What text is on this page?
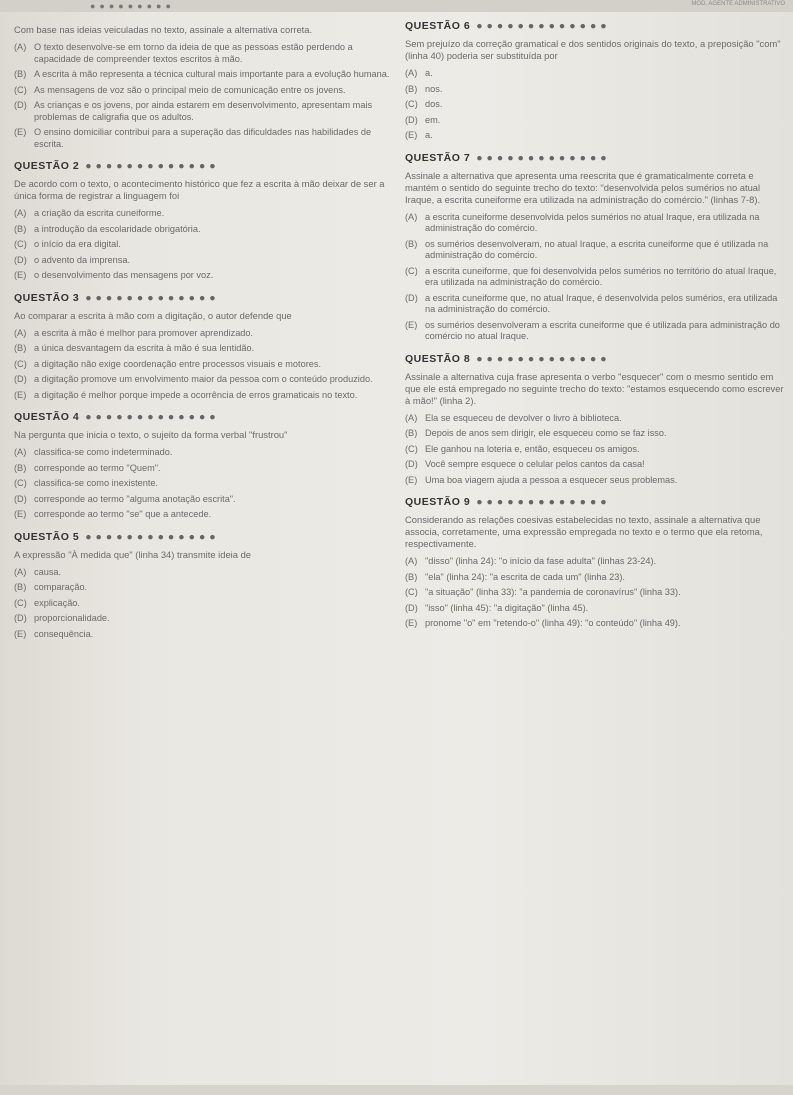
●●●●●●●●●	MÓD. AGENTE ADMINISTRATIVO

Com base nas ideias veiculadas no texto, assinale a alternativa correta.

(A) O texto desenvolve-se em torno da ideia de que as pessoas estão perdendo a capacidade de compreender textos escritos à mão.
(B) A escrita à mão representa a técnica cultural mais importante para a evolução humana.
(C) As mensagens de voz são o principal meio de comunicação entre os jovens.
(D) As crianças e os jovens, por ainda estarem em desenvolvimento, apresentam mais problemas de caligrafia que os adultos.
(E) O ensino domiciliar contribui para a superação das dificuldades nas habilidades de escrita.
QUESTÃO 2 ●●●●●●●●●●●●●

De acordo com o texto, o acontecimento histórico que fez a escrita à mão deixar de ser a única forma de registrar a linguagem foi

(A) a criação da escrita cuneiforme.
(B) a introdução da escolaridade obrigatória.
(C) o início da era digital.
(D) o advento da imprensa.
(E) o desenvolvimento das mensagens por voz.
QUESTÃO 3 ●●●●●●●●●●●●●

Ao comparar a escrita à mão com a digitação, o autor defende que

(A) a escrita à mão é melhor para promover aprendizado.
(B) a única desvantagem da escrita à mão é sua lentidão.
(C) a digitação não exige coordenação entre processos visuais e motores.
(D) a digitação promove um envolvimento maior da pessoa com o conteúdo produzido.
(E) a digitação é melhor porque impede a ocorrência de erros gramaticais no texto.
QUESTÃO 4 ●●●●●●●●●●●●●

Na pergunta que inicia o texto, o sujeito da forma verbal "frustrou"

(A) classifica-se como indeterminado.
(B) corresponde ao termo "Quem".
(C) classifica-se como inexistente.
(D) corresponde ao termo "alguma anotação escrita".
(E) corresponde ao termo "se" que a antecede.
QUESTÃO 5 ●●●●●●●●●●●●●

A expressão "À medida que" (linha 34) transmite ideia de

(A) causa.
(B) comparação.
(C) explicação.
(D) proporcionalidade.
(E) consequência.
QUESTÃO 6 ●●●●●●●●●●●●●

Sem prejuízo da correção gramatical e dos sentidos originais do texto, a preposição "com" (linha 40) poderia ser substituída por

(A) a.
(B) nos.
(C) dos.
(D) em.
(E) a.
QUESTÃO 7 ●●●●●●●●●●●●●

Assinale a alternativa que apresenta uma reescrita que é gramaticalmente correta e mantém o sentido do seguinte trecho do texto: "desenvolvida pelos sumérios no atual Iraque, a escrita cuneiforme era utilizada na administração do comércio." (linhas 7-8).

(A) a escrita cuneiforme desenvolvida pelos sumérios no atual Iraque, era utilizada na administração do comércio.
(B) os sumérios desenvolveram, no atual Iraque, a escrita cuneiforme que é utilizada na administração do comércio.
(C) a escrita cuneiforme, que foi desenvolvida pelos sumérios no território do atual Iraque, era utilizada na administração do comércio.
(D) a escrita cuneiforme que, no atual Iraque, é desenvolvida pelos sumérios, era utilizada na administração do comércio.
(E) os sumérios desenvolveram a escrita cuneiforme que é utilizada para administração do comércio no atual Iraque.
QUESTÃO 8 ●●●●●●●●●●●●●

Assinale a alternativa cuja frase apresenta o verbo "esquecer" com o mesmo sentido em que ele está empregado no seguinte trecho do texto: "estamos esquecendo como escrever à mão!" (linha 2).

(A) Ela se esqueceu de devolver o livro à biblioteca.
(B) Depois de anos sem dirigir, ele esqueceu como se faz isso.
(C) Ele ganhou na loteria e, então, esqueceu os amigos.
(D) Você sempre esquece o celular pelos cantos da casa!
(E) Uma boa viagem ajuda a pessoa a esquecer seus problemas.
QUESTÃO 9 ●●●●●●●●●●●●●

Considerando as relações coesivas estabelecidas no texto, assinale a alternativa que associa, corretamente, uma expressão empregada no texto e o termo que ela retoma, respectivamente.

(A) "disso" (linha 24): "o início da fase adulta" (linhas 23-24).
(B) "ela" (linha 24): "a escrita de cada um" (linha 23).
(C) "a situação" (linha 33): "a pandemia de coronavírus" (linha 33).
(D) "isso" (linha 45): "a digitação" (linha 45).
(E) pronome "o" em "retendo-o" (linha 49): "o conteúdo" (linha 49).
